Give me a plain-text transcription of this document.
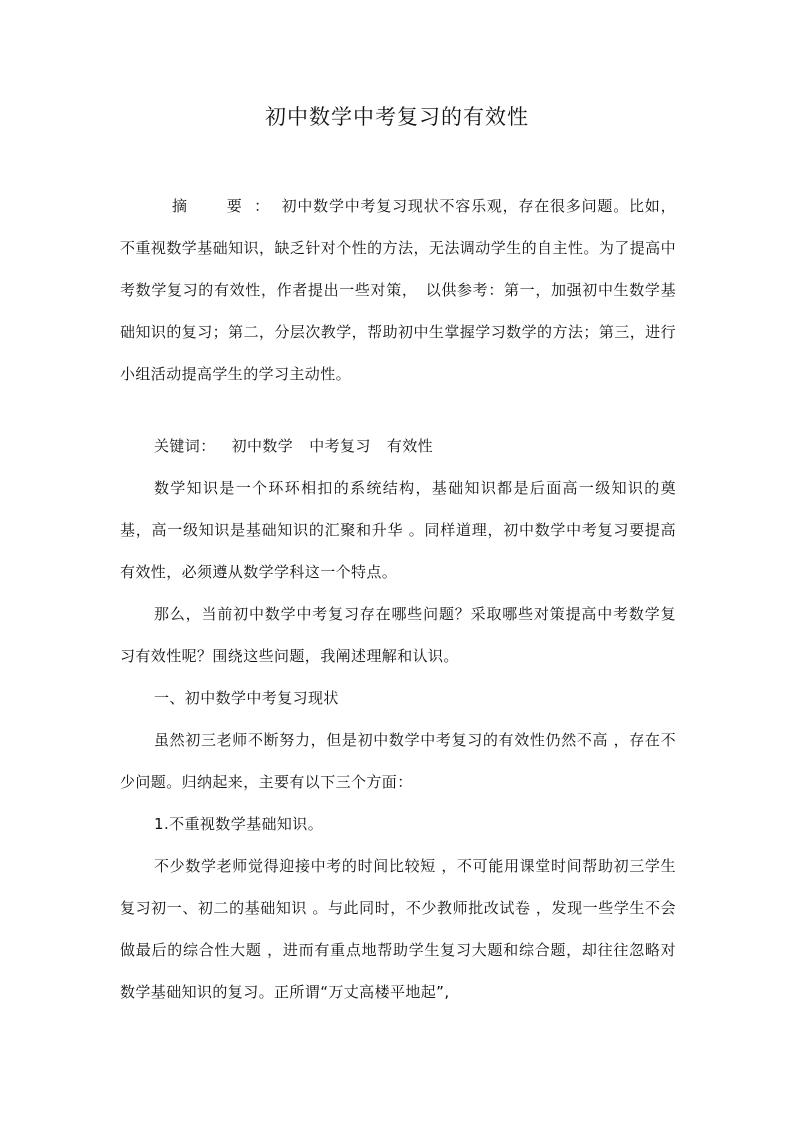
初中数学中考复习的有效性

摘　要：初中数学中考复习现状不容乐观，存在很多问题。比如，不重视数学基础知识，缺乏针对个性的方法，无法调动学生的自主性。为了提高中考数学复习的有效性，作者提出一些对策，　以供参考：第一，加强初中生数学基础知识的复习；第二，分层次教学，帮助初中生掌握学习数学的方法；第三，进行小组活动提高学生的学习主动性。

关键词： 初中数学 中考复习 有效性

数学知识是一个环环相扣的系统结构，基础知识都是后面高一级知识的奠基，高一级知识是基础知识的汇聚和升华 。同样道理，初中数学中考复习要提高有效性，必须遵从数学学科这一个特点。

那么，当前初中数学中考复习存在哪些问题？采取哪些对策提高中考数学复习有效性呢？围绕这些问题，我阐述理解和认识。

一、初中数学中考复习现状

虽然初三老师不断努力，但是初中数学中考复习的有效性仍然不高 ，存在不少问题。归纳起来，主要有以下三个方面：

1.不重视数学基础知识。

不少数学老师觉得迎接中考的时间比较短 ，不可能用课堂时间帮助初三学生复习初一、初二的基础知识 。与此同时，不少教师批改试卷 ，发现一些学生不会做最后的综合性大题 ，进而有重点地帮助学生复习大题和综合题，却往往忽略对数学基础知识的复习。正所谓“万丈高楼平地起”,
